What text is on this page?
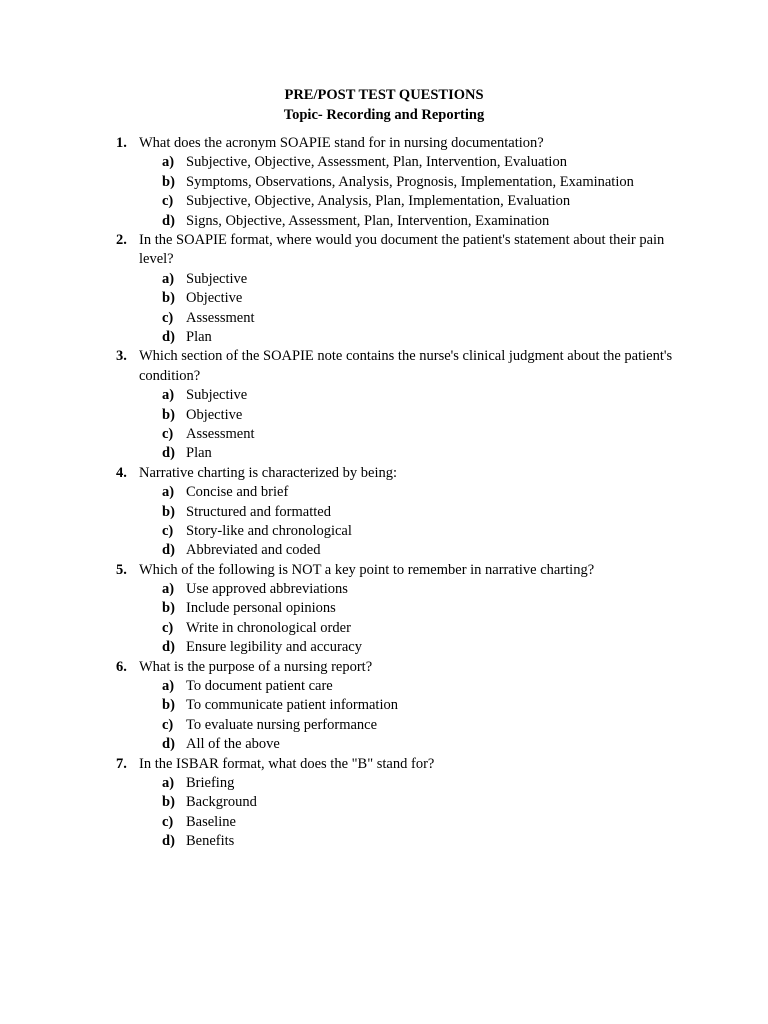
PRE/POST TEST QUESTIONS
Topic- Recording and Reporting
1. What does the acronym SOAPIE stand for in nursing documentation?
a) Subjective, Objective, Assessment, Plan, Intervention, Evaluation
b) Symptoms, Observations, Analysis, Prognosis, Implementation, Examination
c) Subjective, Objective, Analysis, Plan, Implementation, Evaluation
d) Signs, Objective, Assessment, Plan, Intervention, Examination
2. In the SOAPIE format, where would you document the patient's statement about their pain level?
a) Subjective
b) Objective
c) Assessment
d) Plan
3. Which section of the SOAPIE note contains the nurse's clinical judgment about the patient's condition?
a) Subjective
b) Objective
c) Assessment
d) Plan
4. Narrative charting is characterized by being:
a) Concise and brief
b) Structured and formatted
c) Story-like and chronological
d) Abbreviated and coded
5. Which of the following is NOT a key point to remember in narrative charting?
a) Use approved abbreviations
b) Include personal opinions
c) Write in chronological order
d) Ensure legibility and accuracy
6. What is the purpose of a nursing report?
a) To document patient care
b) To communicate patient information
c) To evaluate nursing performance
d) All of the above
7. In the ISBAR format, what does the "B" stand for?
a) Briefing
b) Background
c) Baseline
d) Benefits
